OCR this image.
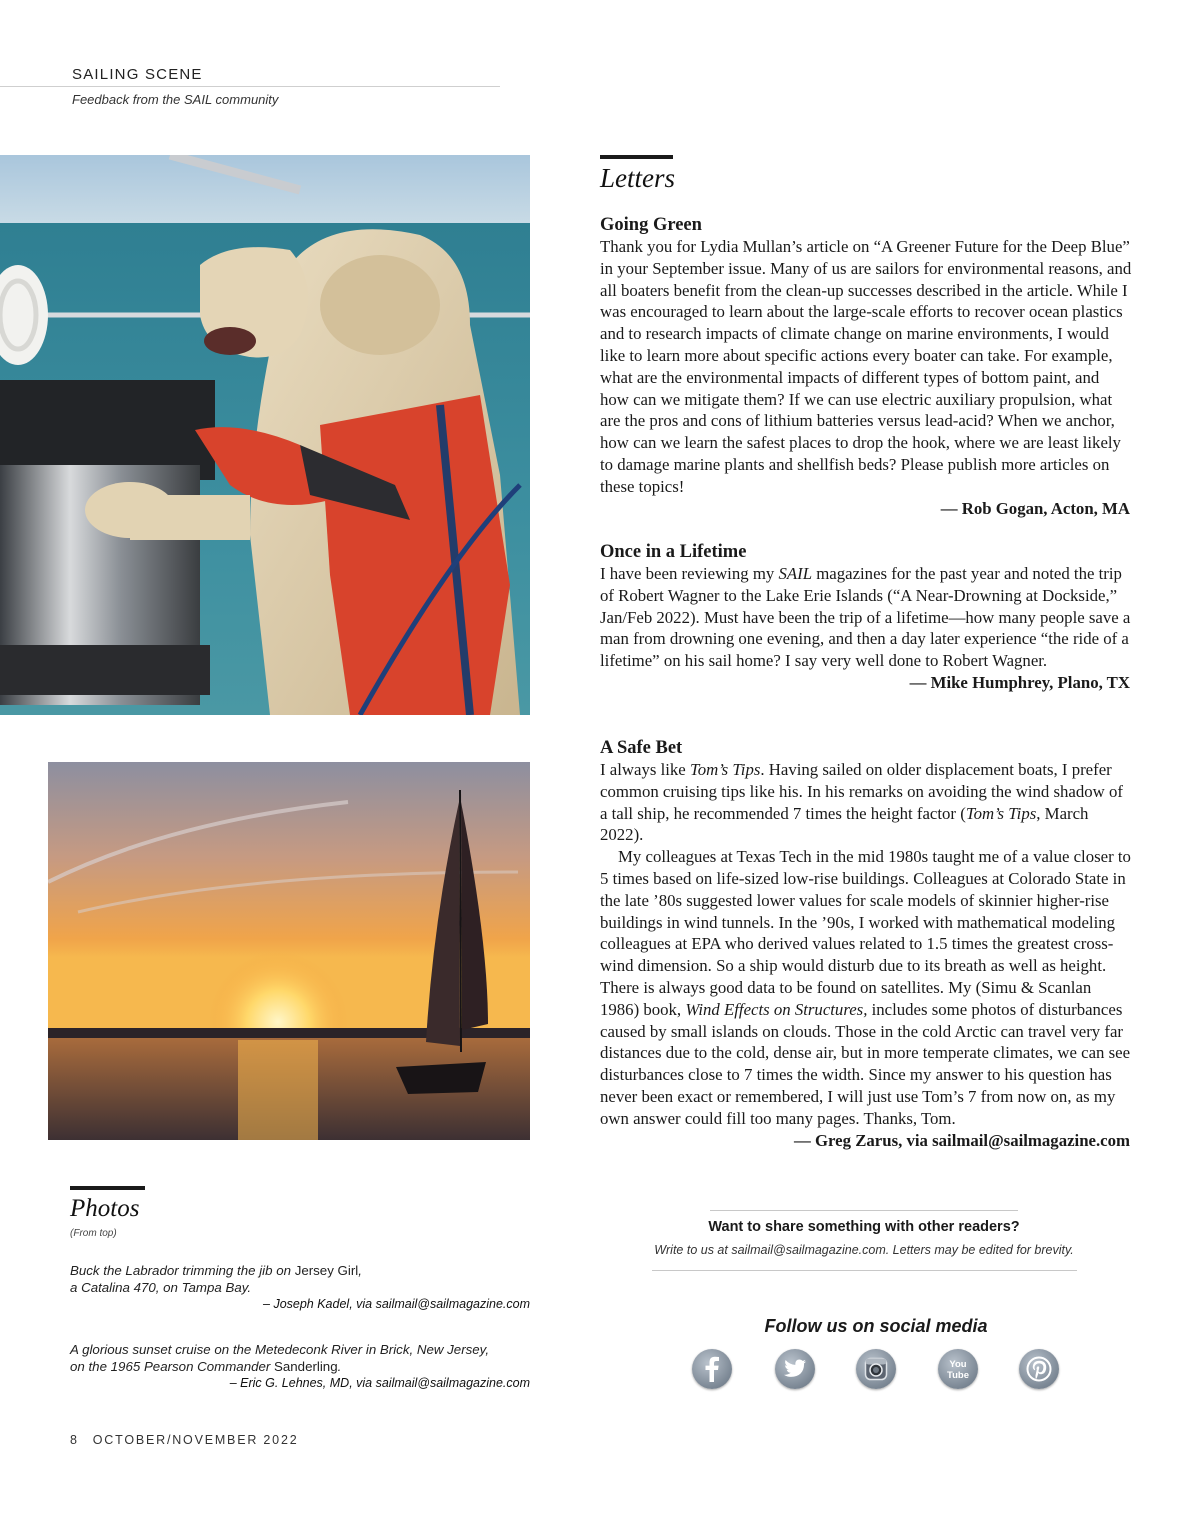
SAILING SCENE
Feedback from the SAIL community
Letters
Going Green

Thank you for Lydia Mullan’s article on “A Greener Future for the Deep Blue” in your September issue. Many of us are sailors for environmental reasons, and all boaters benefit from the clean-up successes described in the article. While I was encouraged to learn about the large-scale efforts to recover ocean plastics and to research impacts of climate change on marine environments, I would like to learn more about specific actions every boater can take. For example, what are the environmental impacts of different types of bottom paint, and how can we mitigate them? If we can use electric auxiliary propulsion, what are the pros and cons of lithium batteries versus lead-acid? When we anchor, how can we learn the safest places to drop the hook, where we are least likely to damage marine plants and shellfish beds? Please publish more articles on these topics!

— Rob Gogan, Acton, MA
Once in a Lifetime

I have been reviewing my SAIL magazines for the past year and noted the trip of Robert Wagner to the Lake Erie Islands (“A Near-Drowning at Dockside,” Jan/Feb 2022). Must have been the trip of a lifetime—how many people save a man from drowning one evening, and then a day later experience “the ride of a lifetime” on his sail home? I say very well done to Robert Wagner.

— Mike Humphrey, Plano, TX
A Safe Bet

I always like Tom’s Tips. Having sailed on older displacement boats, I prefer common cruising tips like his. In his remarks on avoiding the wind shadow of a tall ship, he recommended 7 times the height factor (Tom’s Tips, March 2022).

My colleagues at Texas Tech in the mid 1980s taught me of a value closer to 5 times based on life-sized low-rise buildings. Colleagues at Colorado State in the late ’80s suggested lower values for scale models of skinnier higher-rise buildings in wind tunnels. In the ’90s, I worked with mathematical modeling colleagues at EPA who derived values related to 1.5 times the greatest cross-wind dimension. So a ship would disturb due to its breath as well as height. There is always good data to be found on satellites. My (Simu & Scanlan 1986) book, Wind Effects on Structures, includes some photos of disturbances caused by small islands on clouds. Those in the cold Arctic can travel very far distances due to the cold, dense air, but in more temperate climates, we can see disturbances close to 7 times the width. Since my answer to his question has never been exact or remembered, I will just use Tom’s 7 from now on, as my own answer could fill too many pages. Thanks, Tom.

— Greg Zarus, via sailmail@sailmagazine.com
Want to share something with other readers?
Write to us at sailmail@sailmagazine.com. Letters may be edited for brevity.
Follow us on social media
You
Tube
Photos
(From top)
Buck the Labrador trimming the jib on Jersey Girl,
a Catalina 470, on Tampa Bay.
– Joseph Kadel, via sailmail@sailmagazine.com
A glorious sunset cruise on the Metedeconk River in Brick, New Jersey,
on the 1965 Pearson Commander Sanderling.
– Eric G. Lehnes, MD, via sailmail@sailmagazine.com
8 OCTOBER/NOVEMBER 2022
